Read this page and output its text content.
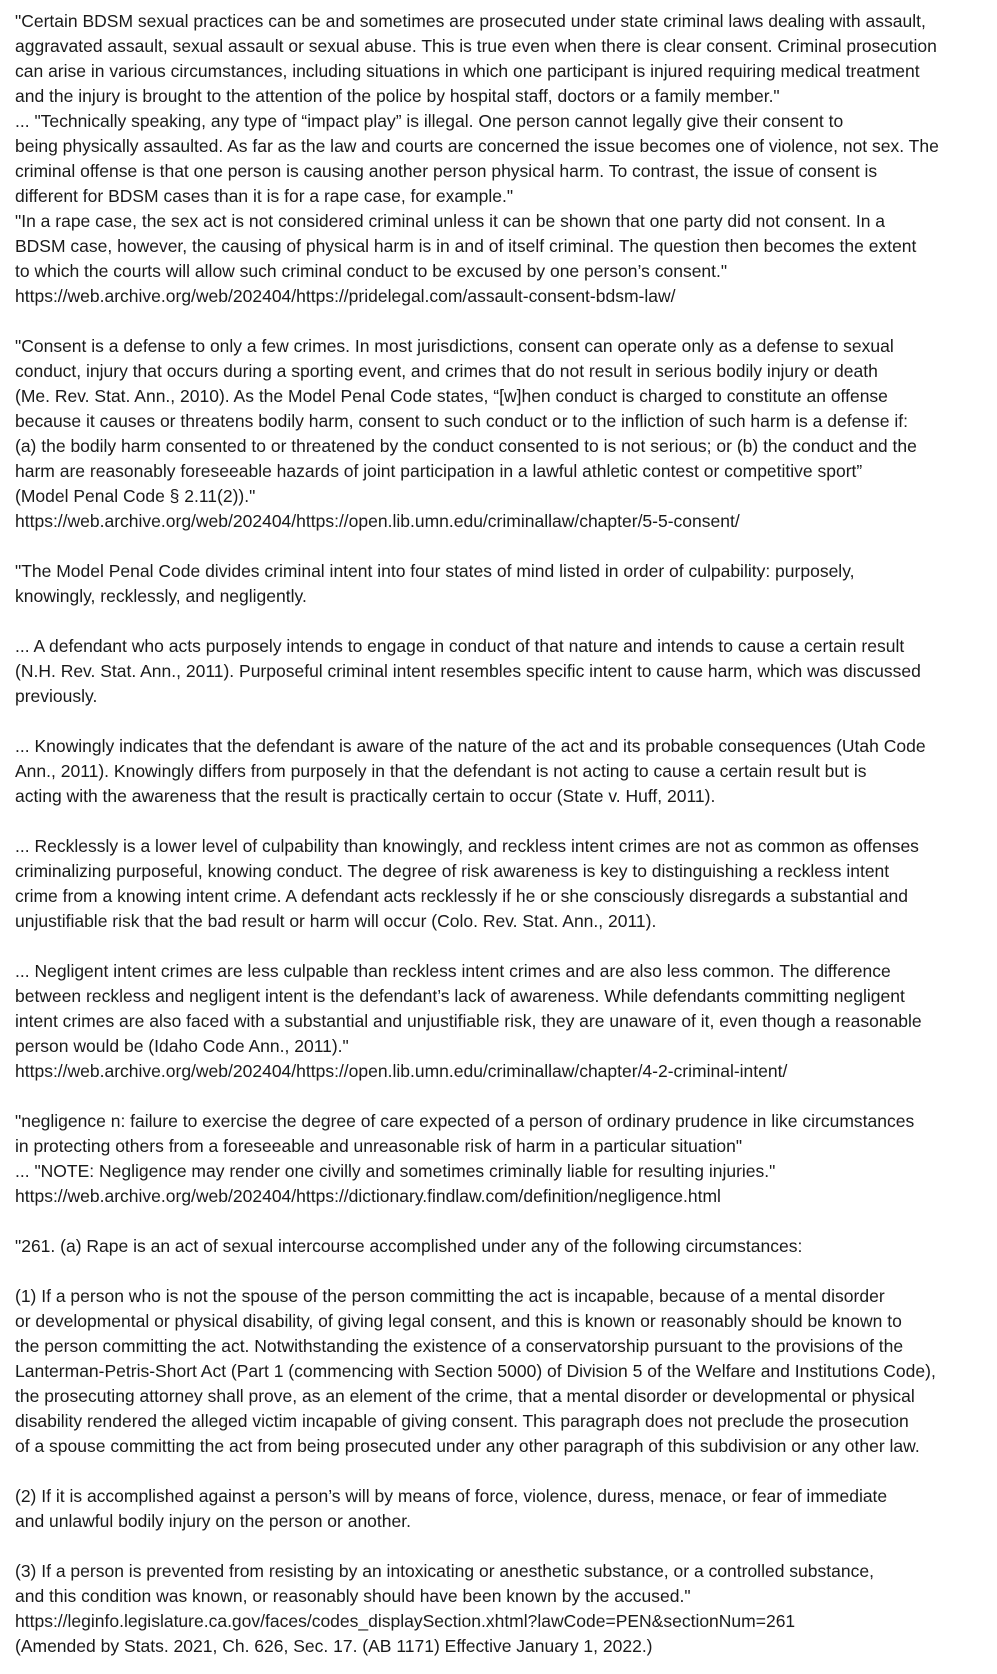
"Certain BDSM sexual practices can be and sometimes are prosecuted under state criminal laws dealing with assault,
aggravated assault, sexual assault or sexual abuse. This is true even when there is clear consent. Criminal prosecution
can arise in various circumstances, including situations in which one participant is injured requiring medical treatment
and the injury is brought to the attention of the police by hospital staff, doctors or a family member."
... "Technically speaking, any type of “impact play” is illegal. One person cannot legally give their consent to
being physically assaulted. As far as the law and courts are concerned the issue becomes one of violence, not sex. The
criminal offense is that one person is causing another person physical harm. To contrast, the issue of consent is
different for BDSM cases than it is for a rape case, for example."
"In a rape case, the sex act is not considered criminal unless it can be shown that one party did not consent. In a
BDSM case, however, the causing of physical harm is in and of itself criminal. The question then becomes the extent
to which the courts will allow such criminal conduct to be excused by one person’s consent."
https://web.archive.org/web/202404/https://pridelegal.com/assault-consent-bdsm-law/
"Consent is a defense to only a few crimes. In most jurisdictions, consent can operate only as a defense to sexual
conduct, injury that occurs during a sporting event, and crimes that do not result in serious bodily injury or death
(Me. Rev. Stat. Ann., 2010). As the Model Penal Code states, “[w]hen conduct is charged to constitute an offense
because it causes or threatens bodily harm, consent to such conduct or to the infliction of such harm is a defense if:
(a) the bodily harm consented to or threatened by the conduct consented to is not serious; or (b) the conduct and the
harm are reasonably foreseeable hazards of joint participation in a lawful athletic contest or competitive sport”
(Model Penal Code § 2.11(2))."
https://web.archive.org/web/202404/https://open.lib.umn.edu/criminallaw/chapter/5-5-consent/
"The Model Penal Code divides criminal intent into four states of mind listed in order of culpability: purposely,
knowingly, recklessly, and negligently.
... A defendant who acts purposely intends to engage in conduct of that nature and intends to cause a certain result
(N.H. Rev. Stat. Ann., 2011). Purposeful criminal intent resembles specific intent to cause harm, which was discussed
previously.
... Knowingly indicates that the defendant is aware of the nature of the act and its probable consequences (Utah Code
Ann., 2011). Knowingly differs from purposely in that the defendant is not acting to cause a certain result but is
acting with the awareness that the result is practically certain to occur (State v. Huff, 2011).
... Recklessly is a lower level of culpability than knowingly, and reckless intent crimes are not as common as offenses
criminalizing purposeful, knowing conduct. The degree of risk awareness is key to distinguishing a reckless intent
crime from a knowing intent crime. A defendant acts recklessly if he or she consciously disregards a substantial and
unjustifiable risk that the bad result or harm will occur (Colo. Rev. Stat. Ann., 2011).
... Negligent intent crimes are less culpable than reckless intent crimes and are also less common. The difference
between reckless and negligent intent is the defendant’s lack of awareness. While defendants committing negligent
intent crimes are also faced with a substantial and unjustifiable risk, they are unaware of it, even though a reasonable
person would be (Idaho Code Ann., 2011)."
https://web.archive.org/web/202404/https://open.lib.umn.edu/criminallaw/chapter/4-2-criminal-intent/
"negligence n: failure to exercise the degree of care expected of a person of ordinary prudence in like circumstances
in protecting others from a foreseeable and unreasonable risk of harm in a particular situation"
... "NOTE: Negligence may render one civilly and sometimes criminally liable for resulting injuries."
https://web.archive.org/web/202404/https://dictionary.findlaw.com/definition/negligence.html
"261. (a) Rape is an act of sexual intercourse accomplished under any of the following circumstances:
(1) If a person who is not the spouse of the person committing the act is incapable, because of a mental disorder
or developmental or physical disability, of giving legal consent, and this is known or reasonably should be known to
the person committing the act. Notwithstanding the existence of a conservatorship pursuant to the provisions of the
Lanterman-Petris-Short Act (Part 1 (commencing with Section 5000) of Division 5 of the Welfare and Institutions Code),
the prosecuting attorney shall prove, as an element of the crime, that a mental disorder or developmental or physical
disability rendered the alleged victim incapable of giving consent. This paragraph does not preclude the prosecution
of a spouse committing the act from being prosecuted under any other paragraph of this subdivision or any other law.
(2) If it is accomplished against a person’s will by means of force, violence, duress, menace, or fear of immediate
and unlawful bodily injury on the person or another.
(3) If a person is prevented from resisting by an intoxicating or anesthetic substance, or a controlled substance,
and this condition was known, or reasonably should have been known by the accused."
https://leginfo.legislature.ca.gov/faces/codes_displaySection.xhtml?lawCode=PEN&sectionNum=261
(Amended by Stats. 2021, Ch. 626, Sec. 17. (AB 1171) Effective January 1, 2022.)
